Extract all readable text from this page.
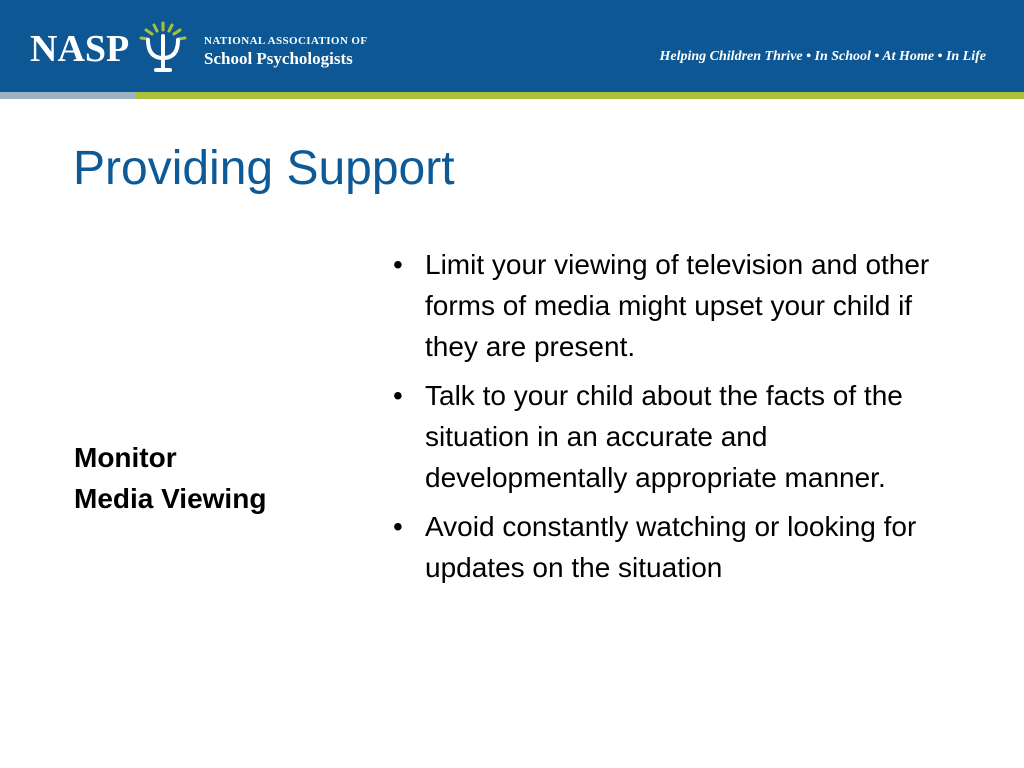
NASP	NATIONAL ASSOCIATION OF
School Psychologists	Helping Children Thrive • In School • At Home • In Life
Providing Support
Monitor
Media Viewing
• Limit your viewing of television and other forms of media might upset your child if they are present.
• Talk to your child about the facts of the situation in an accurate and developmentally appropriate manner.
• Avoid constantly watching or looking for updates on the situation
